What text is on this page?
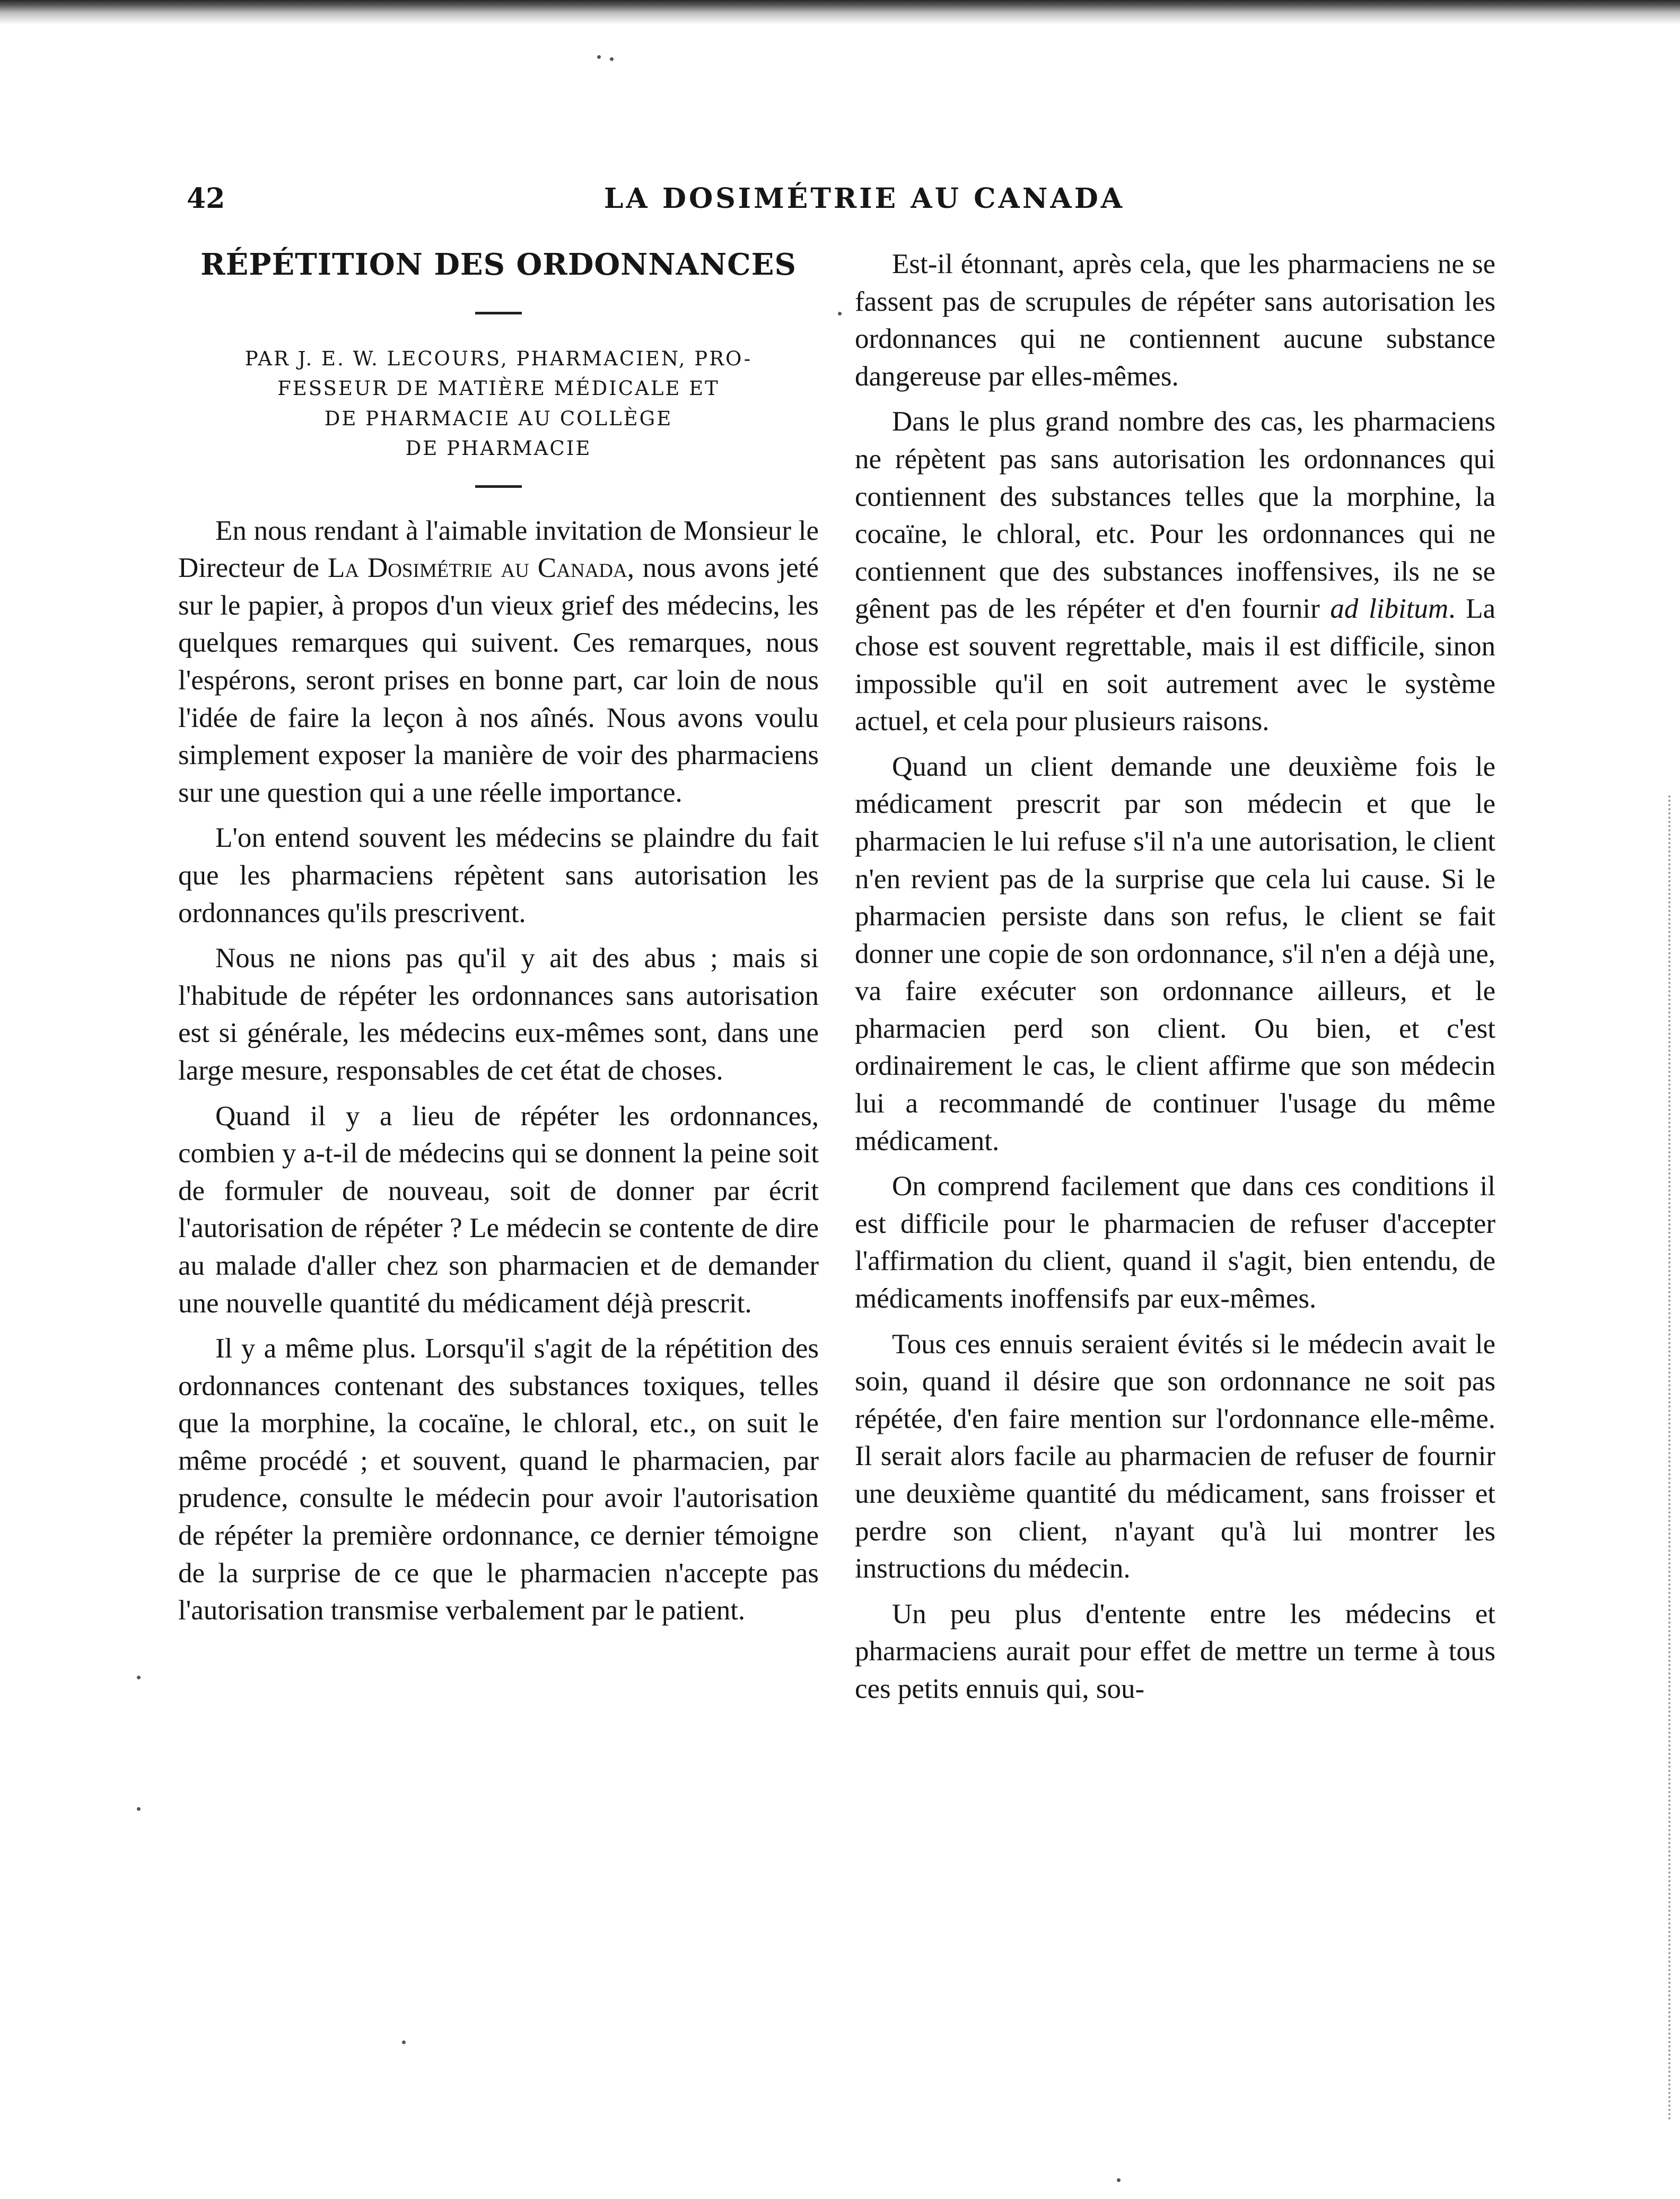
42	LA DOSIMÉTRIE AU CANADA
RÉPÉTITION DES ORDONNANCES
PAR J. E. W. LECOURS, PHARMACIEN, PRO-
FESSEUR DE MATIÈRE MÉDICALE ET
DE PHARMACIE AU COLLÈGE
DE PHARMACIE

En nous rendant à l'aimable invitation de Monsieur le Directeur de La Dosimétrie au Canada, nous avons jeté sur le papier, à propos d'un vieux grief des médecins, les quelques remarques qui suivent. Ces remarques, nous l'espérons, seront prises en bonne part, car loin de nous l'idée de faire la leçon à nos aînés. Nous avons voulu simplement exposer la manière de voir des pharmaciens sur une question qui a une réelle importance.

L'on entend souvent les médecins se plaindre du fait que les pharmaciens répètent sans autorisation les ordonnances qu'ils prescrivent.

Nous ne nions pas qu'il y ait des abus ; mais si l'habitude de répéter les ordonnances sans autorisation est si générale, les médecins eux-mêmes sont, dans une large mesure, responsables de cet état de choses.

Quand il y a lieu de répéter les ordonnances, combien y a-t-il de médecins qui se donnent la peine soit de formuler de nouveau, soit de donner par écrit l'autorisation de répéter ? Le médecin se contente de dire au malade d'aller chez son pharmacien et de demander une nouvelle quantité du médicament déjà prescrit.

Il y a même plus. Lorsqu'il s'agit de la répétition des ordonnances contenant des substances toxiques, telles que la morphine, la cocaïne, le chloral, etc., on suit le même procédé ; et souvent, quand le pharmacien, par prudence, consulte le médecin pour avoir l'autorisation de répéter la première ordonnance, ce dernier témoigne de la surprise de ce que le pharmacien n'accepte pas l'autorisation transmise verbalement par le patient.

Est-il étonnant, après cela, que les pharmaciens ne se fassent pas de scrupules de répéter sans autorisation les ordonnances qui ne contiennent aucune substance dangereuse par elles-mêmes.

Dans le plus grand nombre des cas, les pharmaciens ne répètent pas sans autorisation les ordonnances qui contiennent des substances telles que la morphine, la cocaïne, le chloral, etc. Pour les ordonnances qui ne contiennent que des substances inoffensives, ils ne se gênent pas de les répéter et d'en fournir ad libitum. La chose est souvent regrettable, mais il est difficile, sinon impossible qu'il en soit autrement avec le système actuel, et cela pour plusieurs raisons.

Quand un client demande une deuxième fois le médicament prescrit par son médecin et que le pharmacien le lui refuse s'il n'a une autorisation, le client n'en revient pas de la surprise que cela lui cause. Si le pharmacien persiste dans son refus, le client se fait donner une copie de son ordonnance, s'il n'en a déjà une, va faire exécuter son ordonnance ailleurs, et le pharmacien perd son client. Ou bien, et c'est ordinairement le cas, le client affirme que son médecin lui a recommandé de continuer l'usage du même médicament.

On comprend facilement que dans ces conditions il est difficile pour le pharmacien de refuser d'accepter l'affirmation du client, quand il s'agit, bien entendu, de médicaments inoffensifs par eux-mêmes.

Tous ces ennuis seraient évités si le médecin avait le soin, quand il désire que son ordonnance ne soit pas répétée, d'en faire mention sur l'ordonnance elle-même. Il serait alors facile au pharmacien de refuser de fournir une deuxième quantité du médicament, sans froisser et perdre son client, n'ayant qu'à lui montrer les instructions du médecin.

Un peu plus d'entente entre les médecins et pharmaciens aurait pour effet de mettre un terme à tous ces petits ennuis qui, sou-
